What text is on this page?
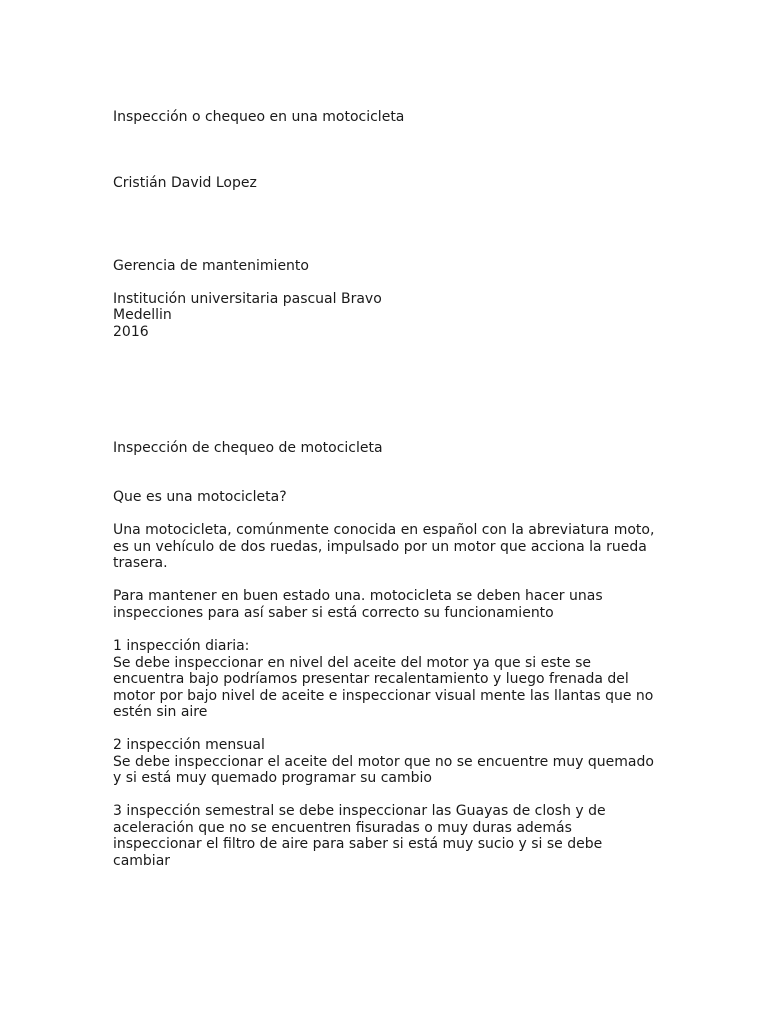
Inspección o chequeo en una motocicleta
Cristián David Lopez
Gerencia de mantenimiento
Institución universitaria pascual Bravo
Medellin
2016
Inspección de chequeo de motocicleta
Que es una motocicleta?
Una motocicleta, comúnmente conocida en español con la abreviatura moto,
es un vehículo de dos ruedas, impulsado por un motor que acciona la rueda
trasera.
Para mantener en buen estado una. motocicleta se deben hacer unas
inspecciones para así saber si está correcto su funcionamiento
1 inspección diaria:
Se debe inspeccionar en nivel del aceite del motor ya que si este se
encuentra bajo podríamos presentar recalentamiento y luego frenada del
motor por bajo nivel de aceite e inspeccionar visual mente las llantas que no
estén sin aire
2 inspección mensual
Se debe inspeccionar el aceite del motor que no se encuentre muy quemado
y si está muy quemado programar su cambio
3 inspección semestral se debe inspeccionar las Guayas de closh y de
aceleración que no se encuentren fisuradas o muy duras además
inspeccionar el filtro de aire para saber si está muy sucio y si se debe
cambiar
